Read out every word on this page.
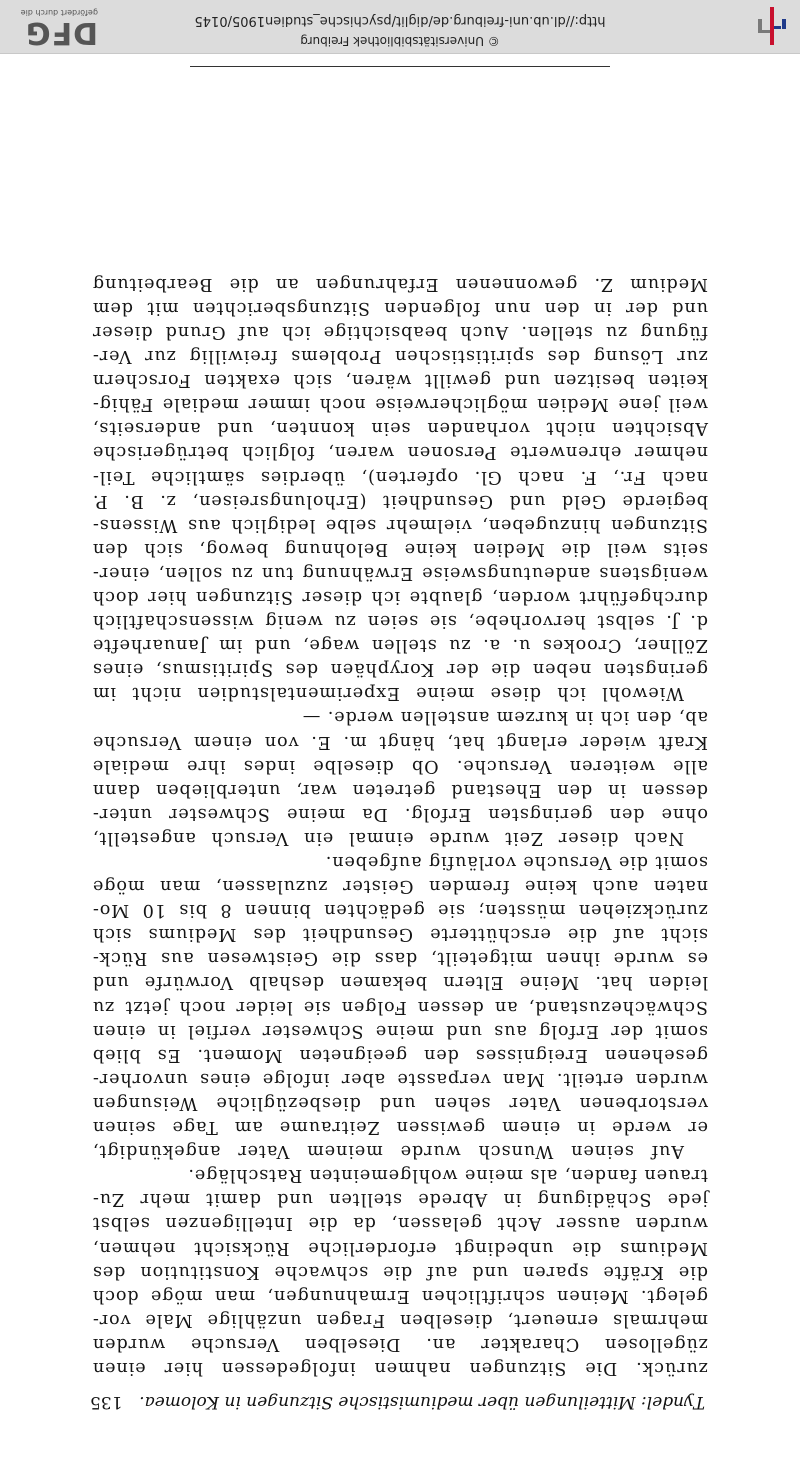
Tyndel: Mitteilungen über mediumistische Sitzungen in Kolomea.
135
zurück. Die Sitzungen nahmen infolgedessen hier einen
zügellosen Charakter an. Dieselben Versuche wurden
mehrmals erneuert, dieselben Fragen unzählige Male vor-
gelegt. Meinen schriftlichen Ermahnungen, man möge doch
die Kräfte sparen und auf die schwache Konstitution des
Mediums die unbedingt erforderliche Rücksicht nehmen,
wurden ausser Acht gelassen, da die Intelligenzen selbst
jede Schädigung in Abrede stellten und damit mehr Zu-
trauen fanden, als meine wohlgemeinten Ratschläge.
Auf seinen Wunsch wurde meinem Vater angekündigt,
er werde in einem gewissen Zeitraume am Tage seinen
verstorbenen Vater sehen und diesbezügliche Weisungen
wurden erteilt. Man verpasste aber infolge eines unvorher-
gesehenen Ereignisses den geeigneten Moment. Es blieb
somit der Erfolg aus und meine Schwester verfiel in einen
Schwächezustand, an dessen Folgen sie leider noch jetzt zu
leiden hat. Meine Eltern bekamen deshalb Vorwürfe und
es wurde ihnen mitgeteilt, dass die Geistwesen aus Rück-
sicht auf die erschütterte Gesundheit des Mediums sich
zurückziehen müssten; sie gedächten binnen 8 bis 10 Mo-
naten auch keine fremden Geister zuzulassen, man möge
somit die Versuche vorläufig aufgeben.
Nach dieser Zeit wurde einmal ein Versuch angestellt,
ohne den geringsten Erfolg. Da meine Schwester unter-
dessen in den Ehestand getreten war, unterblieben dann
alle weiteren Versuche. Ob dieselbe indes ihre mediale
Kraft wieder erlangt hat, hängt m. E. von einem Versuche
ab, den ich in kurzem anstellen werde. —
Wiewohl ich diese meine Experimentalstudien nicht im
geringsten neben die der Koryphäen des Spiritismus, eines
Zöllner, Crookes u. a. zu stellen wage, und im Januarhefte
d. J. selbst hervorhebe, sie seien zu wenig wissenschaftlich
durchgeführt worden, glaubte ich dieser Sitzungen hier doch
wenigstens andeutungsweise Erwähnung tun zu sollen, einer-
seits weil die Medien keine Belohnung bewog, sich den
Sitzungen hinzugeben, vielmehr selbe lediglich aus Wissens-
begierde Geld und Gesundheit (Erholungsreisen, z. B. P.
nach Fr., F. nach Gl. opferten), überdies sämtliche Teil-
nehmer ehrenwerte Personen waren, folglich betrügerische
Absichten nicht vorhanden sein konnten, und anderseits,
weil jene Medien möglicherweise noch immer mediale Fähig-
keiten besitzen und gewillt wären, sich exakten Forschern
zur Lösung des spiritistischen Problems freiwillig zur Ver-
fügung zu stellen. Auch beabsichtige ich auf Grund dieser
und der in den nun folgenden Sitzungsberichten mit dem
Medium Z. gewonnenen Erfahrungen an die Bearbeitung
© Universitätsbibliothek Freiburg
http://dl.ub.uni-freiburg.de/diglit/psychische_studien1905/0145
DFG
gefördert durch die
